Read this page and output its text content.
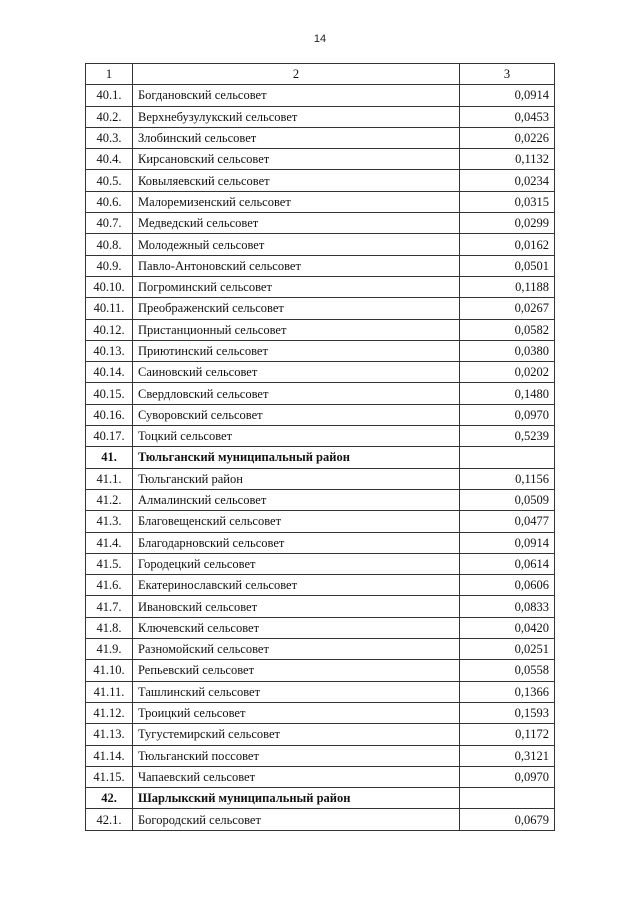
14
1	2	3
40.1.	Богдановский сельсовет	0,0914
40.2.	Верхнебузулукский сельсовет	0,0453
40.3.	Злобинский сельсовет	0,0226
40.4.	Кирсановский сельсовет	0,1132
40.5.	Ковыляевский сельсовет	0,0234
40.6.	Малоремизенский сельсовет	0,0315
40.7.	Медведский сельсовет	0,0299
40.8.	Молодежный сельсовет	0,0162
40.9.	Павло-Антоновский сельсовет	0,0501
40.10.	Погроминский сельсовет	0,1188
40.11.	Преображенский сельсовет	0,0267
40.12.	Пристанционный сельсовет	0,0582
40.13.	Приютинский сельсовет	0,0380
40.14.	Саиновский сельсовет	0,0202
40.15.	Свердловский сельсовет	0,1480
40.16.	Суворовский сельсовет	0,0970
40.17.	Тоцкий сельсовет	0,5239
41.	Тюльганский муниципальный район	
41.1.	Тюльганский район	0,1156
41.2.	Алмалинский сельсовет	0,0509
41.3.	Благовещенский сельсовет	0,0477
41.4.	Благодарновский сельсовет	0,0914
41.5.	Городецкий сельсовет	0,0614
41.6.	Екатеринославский сельсовет	0,0606
41.7.	Ивановский сельсовет	0,0833
41.8.	Ключевский сельсовет	0,0420
41.9.	Разномойский сельсовет	0,0251
41.10.	Репьевский сельсовет	0,0558
41.11.	Ташлинский сельсовет	0,1366
41.12.	Троицкий сельсовет	0,1593
41.13.	Тугустемирский сельсовет	0,1172
41.14.	Тюльганский поссовет	0,3121
41.15.	Чапаевский сельсовет	0,0970
42.	Шарлыкский муниципальный район	
42.1.	Богородский сельсовет	0,0679
